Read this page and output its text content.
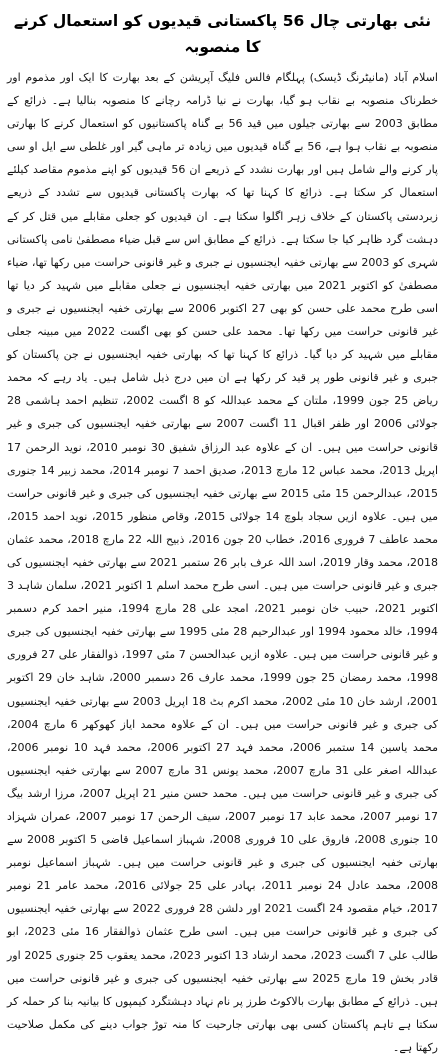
نئی بھارتی چال 56 پاکستانی قیدیوں کو استعمال کرنے کا منصوبہ

اسلام آباد (مانیٹرنگ ڈیسک) پہلگام فالس فلیگ آپریشن کے بعد بھارت کا ایک اور مذموم اور خطرناک منصوبہ بے نقاب ہو گیا، بھارت نے نیا ڈرامہ رچانے کا منصوبہ بنالیا ہے۔ ذرائع کے مطابق 2003 سے بھارتی جیلوں میں قید 56 بے گناہ پاکستانیوں کو استعمال کرنے کا بھارتی منصوبہ بے نقاب ہوا ہے، 56 بے گناہ قیدیوں میں زیادہ تر ماہی گیر اور غلطی سے ایل او سی پار کرنے والے شامل ہیں اور بھارت نشدد کے ذریعے ان 56 قیدیوں کو اپنے مذموم مقاصد کیلئے استعمال کر سکتا ہے۔ ذرائع کا کہنا تھا کہ بھارت پاکستانی قیدیوں سے تشدد کے ذریعے زبردستی پاکستان کے خلاف زہر اگلوا سکتا ہے۔ ان قیدیوں کو جعلی مقابلے میں قتل کر کے دہشت گرد ظاہر کیا جا سکتا ہے۔ ذرائع کے مطابق اس سے قبل ضیاء مصطفیٰ نامی پاکستانی شہری کو 2003 سے بھارتی خفیہ ایجنسیوں نے جبری و غیر قانونی حراست میں رکھا تھا، ضیاء مصطفیٰ کو اکتوبر 2021 میں بھارتی خفیہ ایجنسیوں نے جعلی مقابلے میں شہید کر دیا تھا اسی طرح محمد علی حسن کو بھی 27 اکتوبر 2006 سے بھارتی خفیہ ایجنسیوں نے جبری و غیر قانونی حراست میں رکھا تھا۔ محمد علی حسن کو بھی اگست 2022 میں مبینہ جعلی مقابلے میں شہید کر دیا گیا۔ ذرائع کا کہنا تھا کہ بھارتی خفیہ ایجنسیوں نے جن پاکستان کو جبری و غیر قانونی طور پر قید کر رکھا ہے ان میں درج ذیل شامل ہیں۔ یاد رہے کہ محمد ریاض 25 جون 1999، ملتان کے محمد عبداللہ کو 8 اگست 2002، تنظیم احمد ہاشمی 28 جولائی 2006 اور ظفر اقبال 11 اگست 2007 سے بھارتی خفیہ ایجنسیوں کی جبری و غیر قانونی حراست میں ہیں۔ ان کے علاوہ عبد الرزاق شفیق 30 نومبر 2010، نوید الرحمن 17 اپریل 2013، محمد عباس 12 مارچ 2013، صدیق احمد 7 نومبر 2014، محمد زبیر 14 جنوری 2015، عبدالرحمن 15 مئی 2015 سے بھارتی خفیہ ایجنسیوں کی جبری و غیر قانونی حراست میں ہیں۔ علاوہ ازیں سجاد بلوچ 14 جولائی 2015، وقاص منظور 2015، نوید احمد 2015، محمد عاطف 7 فروری 2016، خطاب 20 جون 2016، ذبیح اللہ 22 مارچ 2018، محمد عثمان 2018، محمد وقار 2019، اسد اللہ عرف بابر 26 ستمبر 2021 سے بھارتی خفیہ ایجنسیوں کی جبری و غیر قانونی حراست میں ہیں۔ اسی طرح محمد اسلم 1 اکتوبر 2021، سلمان شاہد 3 اکتوبر 2021، حبیب خان نومبر 2021، امجد علی 28 مارچ 1994، منیر احمد کرم دسمبر 1994، خالد محمود 1994 اور عبدالرحیم 28 مئی 1995 سے بھارتی خفیہ ایجنسیوں کی جبری و غیر قانونی حراست میں ہیں۔ علاوہ ازیں عبدالحسن 7 مئی 1997، ذوالفقار علی 27 فروری 1998، محمد رمضان 25 جون 1999، محمد عارف 26 دسمبر 2000، شاہد خان 29 اکتوبر 2001، ارشد خان 10 مئی 2002، محمد اکرم بٹ 18 اپریل 2003 سے بھارتی خفیہ ایجنسیوں کی جبری و غیر قانونی حراست میں ہیں۔ ان کے علاوہ محمد ایاز کھوکھر 6 مارچ 2004، محمد یاسین 14 ستمبر 2006، محمد فہد 27 اکتوبر 2006، محمد فہد 10 نومبر 2006، عبداللہ اصغر علی 31 مارچ 2007، محمد یونس 31 مارچ 2007 سے بھارتی خفیہ ایجنسیوں کی جبری و غیر قانونی حراست میں ہیں۔ محمد حسن منیر 21 اپریل 2007، مرزا ارشد بیگ 17 نومبر 2007، محمد عابد 17 نومبر 2007، سیف الرحمن 17 نومبر 2007، عمران شہزاد 10 جنوری 2008، فاروق علی 10 فروری 2008، شہباز اسماعیل قاضی 5 اکتوبر 2008 سے بھارتی خفیہ ایجنسیوں کی جبری و غیر قانونی حراست میں ہیں۔ شہباز اسماعیل نومبر 2008، محمد عادل 24 نومبر 2011، بہادر علی 25 جولائی 2016، محمد عامر 21 نومبر 2017، خیام مقصود 24 اگست 2021 اور دلشن 28 فروری 2022 سے بھارتی خفیہ ایجنسیوں کی جبری و غیر قانونی حراست میں ہیں۔ اسی طرح عثمان ذوالفقار 16 مئی 2023، ابو طالب علی 7 اگست 2023، محمد ارشاد 13 اکتوبر 2023، محمد یعقوب 25 جنوری 2025 اور قادر بخش 19 مارچ 2025 سے بھارتی خفیہ ایجنسیوں کی جبری و غیر قانونی حراست میں ہیں۔ ذرائع کے مطابق بھارت بالاکوٹ طرز پر نام نہاد دہشتگرد کیمپوں کا بیانیہ بنا کر حملہ کر سکتا ہے تاہم پاکستان کسی بھی بھارتی جارحیت کا منہ توڑ جواب دینے کی مکمل صلاحیت رکھتا ہے۔
